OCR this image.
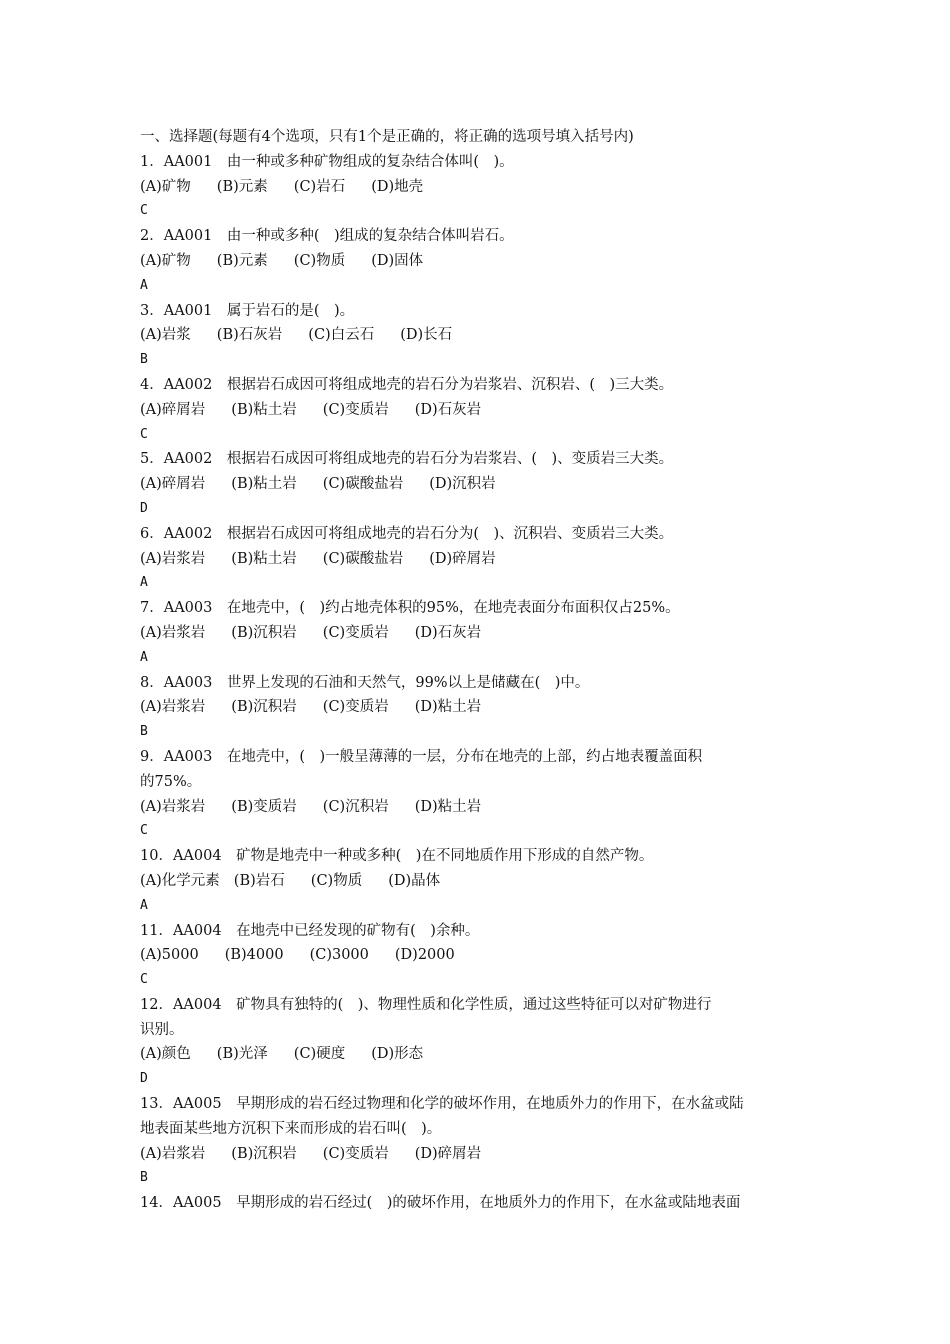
一、选择题(每题有4个选项，只有1个是正确的，将正确的选项号填入括号内)
1．AA001　由一种或多种矿物组成的复杂结合体叫(　)。
(A)矿物 (B)元素 (C)岩石 (D)地壳
C
2．AA001　由一种或多种(　)组成的复杂结合体叫岩石。
(A)矿物 (B)元素 (C)物质 (D)固体
A
3．AA001　属于岩石的是(　)。
(A)岩浆 (B)石灰岩 (C)白云石 (D)长石
B
4．AA002　根据岩石成因可将组成地壳的岩石分为岩浆岩、沉积岩、(　)三大类。
(A)碎屑岩 (B)粘土岩 (C)变质岩 (D)石灰岩
C
5．AA002　根据岩石成因可将组成地壳的岩石分为岩浆岩、(　)、变质岩三大类。
(A)碎屑岩 (B)粘土岩 (C)碳酸盐岩 (D)沉积岩
D
6．AA002　根据岩石成因可将组成地壳的岩石分为(　)、沉积岩、变质岩三大类。
(A)岩浆岩 (B)粘土岩 (C)碳酸盐岩 (D)碎屑岩
A
7．AA003　在地壳中，(　)约占地壳体积的95%，在地壳表面分布面积仅占25%。
(A)岩浆岩 (B)沉积岩 (C)变质岩 (D)石灰岩
A
8．AA003　世界上发现的石油和天然气，99%以上是储藏在(　)中。
(A)岩浆岩 (B)沉积岩 (C)变质岩 (D)粘土岩
B
9．AA003　在地壳中，(　)一般呈薄薄的一层，分布在地壳的上部，约占地表覆盖面积
的75%。
(A)岩浆岩 (B)变质岩 (C)沉积岩 (D)粘土岩
C
10．AA004　矿物是地壳中一种或多种(　)在不同地质作用下形成的自然产物。
(A)化学元素 (B)岩石 (C)物质 (D)晶体
A
11．AA004　在地壳中已经发现的矿物有(　)余种。
(A)5000 (B)4000 (C)3000 (D)2000
C
12．AA004　矿物具有独特的(　)、物理性质和化学性质，通过这些特征可以对矿物进行
识别。
(A)颜色 (B)光泽 (C)硬度 (D)形态
D
13．AA005　早期形成的岩石经过物理和化学的破坏作用，在地质外力的作用下，在水盆或陆
地表面某些地方沉积下来而形成的岩石叫(　)。
(A)岩浆岩 (B)沉积岩 (C)变质岩 (D)碎屑岩
B
14．AA005　早期形成的岩石经过(　)的破坏作用，在地质外力的作用下，在水盆或陆地表面
